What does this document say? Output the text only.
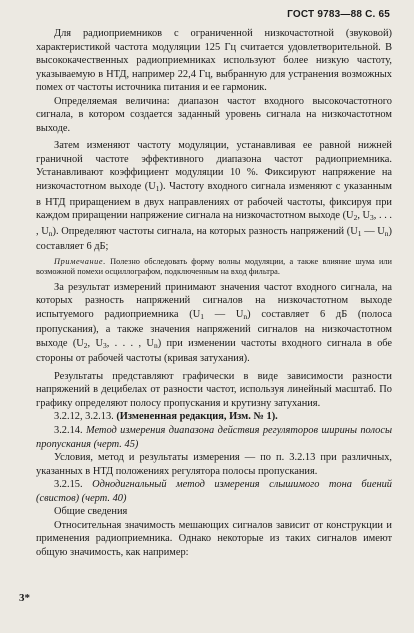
ГОСТ 9783—88 С. 65

Для радиоприемников с ограниченной низкочастотной (звуковой) характеристикой частота модуляции 125 Гц считается удовлетворительной. В высококачественных радиоприемниках используют более низкую частоту, указываемую в НТД, например 22,4 Гц, выбранную для устранения возможных помех от частоты источника питания и ее гармоник.

Определяемая величина: диапазон частот входного высокочастотного сигнала, в котором создается заданный уровень сигнала на низкочастотном выходе.

Затем изменяют частоту модуляции, устанавливая ее равной нижней граничной частоте эффективного диапазона частот радиоприемника. Устанавливают коэффициент модуляции 10 %. Фиксируют напряжение на низкочастотном выходе $(U_1)$. Частоту входного сигнала изменяют с указанным в НТД приращением в двух направлениях от рабочей частоты, фиксируя при каждом приращении напряжение сигнала на низкочастотном выходе ($U_2$, $U_3$, . . . , $U_n$). Определяют частоты сигнала, на которых разность напряжений ($U_1$ — $U_n$) составляет 6 дБ;

Примечание. Полезно обследовать форму волны модуляции, а также влияние шума или возможной помехи осциллографом, подключенным на вход фильтра.

За результат измерений принимают значения частот входного сигнала, на которых разность напряжений сигналов на низкочастотном выходе испытуемого радиоприемника ($U_1$ — $U_n$) составляет 6 дБ (полоса пропускания), а также значения напряжений сигналов на низкочастотном выходе ($U_2$, $U_3$, . . . , $U_n$) при изменении частоты входного сигнала в обе стороны от рабочей частоты (кривая затухания).

Результаты представляют графически в виде зависимости разности напряжений в децибелах от разности частот, используя линейный масштаб. По графику определяют полосу пропускания и крутизну затухания.

3.2.12, 3.2.13. (Измененная редакция, Изм. № 1).

3.2.14. Метод измерения диапазона действия регуляторов ширины полосы пропускания (черт. 45)

Условия, метод и результаты измерения — по п. 3.2.13 при различных, указанных в НТД положениях регулятора полосы пропускания.

3.2.15. Однодигнальный метод измерения слышимого тона биений (свистов) (черт. 40)

Общие сведения

Относительная значимость мешающих сигналов зависит от конструкции и применения радиоприемника. Однако некоторые из таких сигналов имеют общую значимость, как например:

3*
